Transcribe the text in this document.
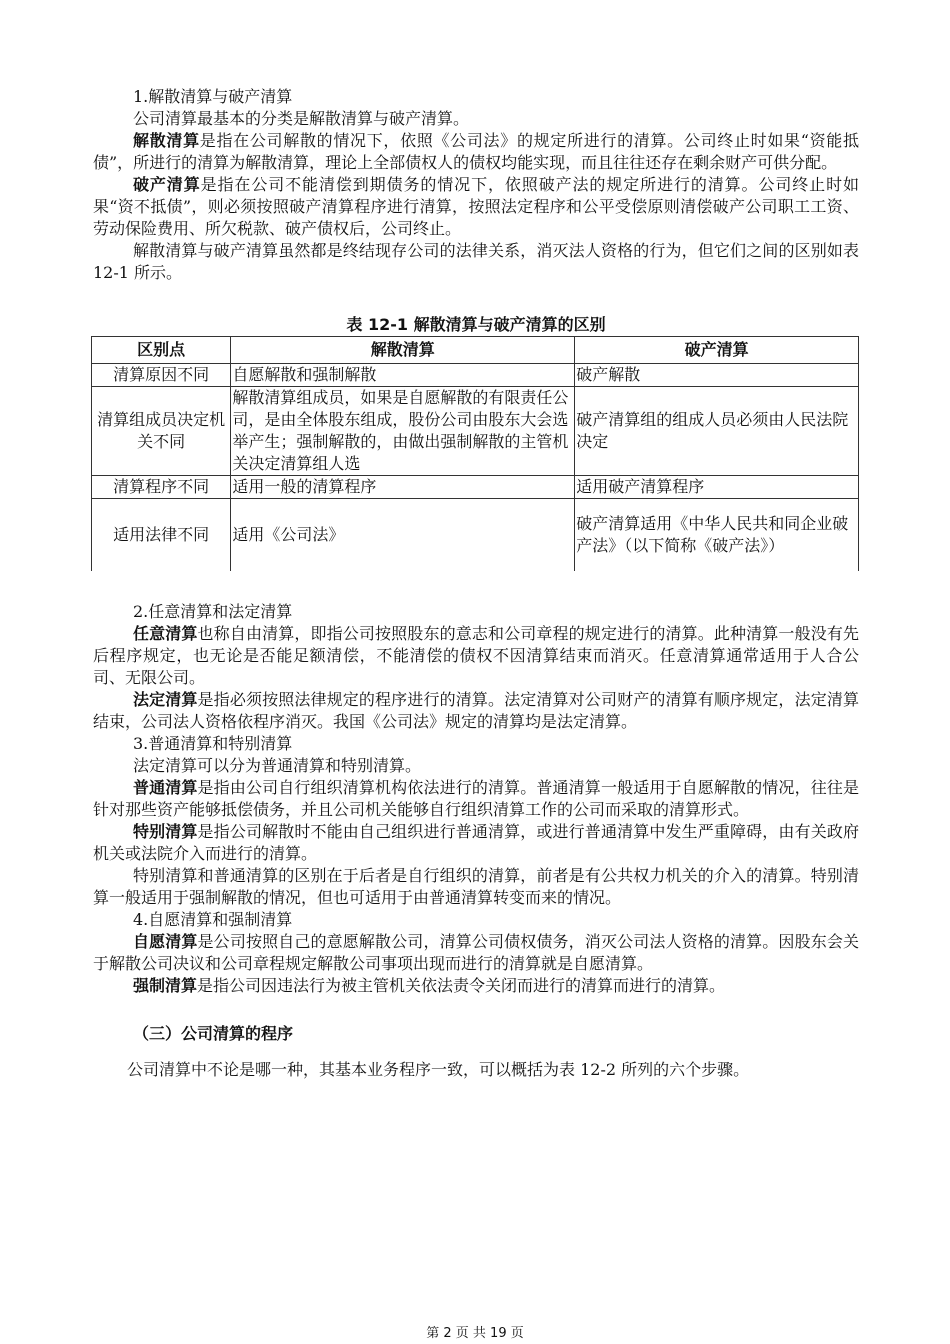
1.解散清算与破产清算

公司清算最基本的分类是解散清算与破产清算。

解散清算是指在公司解散的情况下，依照《公司法》的规定所进行的清算。公司终止时如果“资能抵债”，所进行的清算为解散清算，理论上全部债权人的债权均能实现，而且往往还存在剩余财产可供分配。

破产清算是指在公司不能清偿到期债务的情况下，依照破产法的规定所进行的清算。公司终止时如果“资不抵债”，则必须按照破产清算程序进行清算，按照法定程序和公平受偿原则清偿破产公司职工工资、劳动保险费用、所欠税款、破产债权后，公司终止。

解散清算与破产清算虽然都是终结现存公司的法律关系，消灭法人资格的行为，但它们之间的区别如表 12-1 所示。

表 12-1 解散清算与破产清算的区别
区别点	解散清算	破产清算
清算原因不同	自愿解散和强制解散	破产解散
清算组成员决定机关不同	解散清算组成员，如果是自愿解散的有限责任公司，是由全体股东组成，股份公司由股东大会选举产生；强制解散的，由做出强制解散的主管机关决定清算组人选	破产清算组的组成人员必须由人民法院决定
清算程序不同	适用一般的清算程序	适用破产清算程序
适用法律不同	适用《公司法》	破产清算适用《中华人民共和同企业破产法》（以下简称《破产法》）

2.任意清算和法定清算

任意清算也称自由清算，即指公司按照股东的意志和公司章程的规定进行的清算。此种清算一般没有先后程序规定，也无论是否能足额清偿，不能清偿的债权不因清算结束而消灭。任意清算通常适用于人合公司、无限公司。

法定清算是指必须按照法律规定的程序进行的清算。法定清算对公司财产的清算有顺序规定，法定清算结束，公司法人资格依程序消灭。我国《公司法》规定的清算均是法定清算。

3.普通清算和特别清算

法定清算可以分为普通清算和特别清算。

普通清算是指由公司自行组织清算机构依法进行的清算。普通清算一般适用于自愿解散的情况，往往是针对那些资产能够抵偿债务，并且公司机关能够自行组织清算工作的公司而采取的清算形式。

特别清算是指公司解散时不能由自己组织进行普通清算，或进行普通清算中发生严重障碍，由有关政府机关或法院介入而进行的清算。

特别清算和普通清算的区别在于后者是自行组织的清算，前者是有公共权力机关的介入的清算。特别清算一般适用于强制解散的情况，但也可适用于由普通清算转变而来的情况。

4.自愿清算和强制清算

自愿清算是公司按照自己的意愿解散公司，清算公司债权债务，消灭公司法人资格的清算。因股东会关于解散公司决议和公司章程规定解散公司事项出现而进行的清算就是自愿清算。

强制清算是指公司因违法行为被主管机关依法责令关闭而进行的清算而进行的清算。

（三）公司清算的程序

公司清算中不论是哪一种，其基本业务程序一致，可以概括为表 12-2 所列的六个步骤。

第 2 页 共 19 页
